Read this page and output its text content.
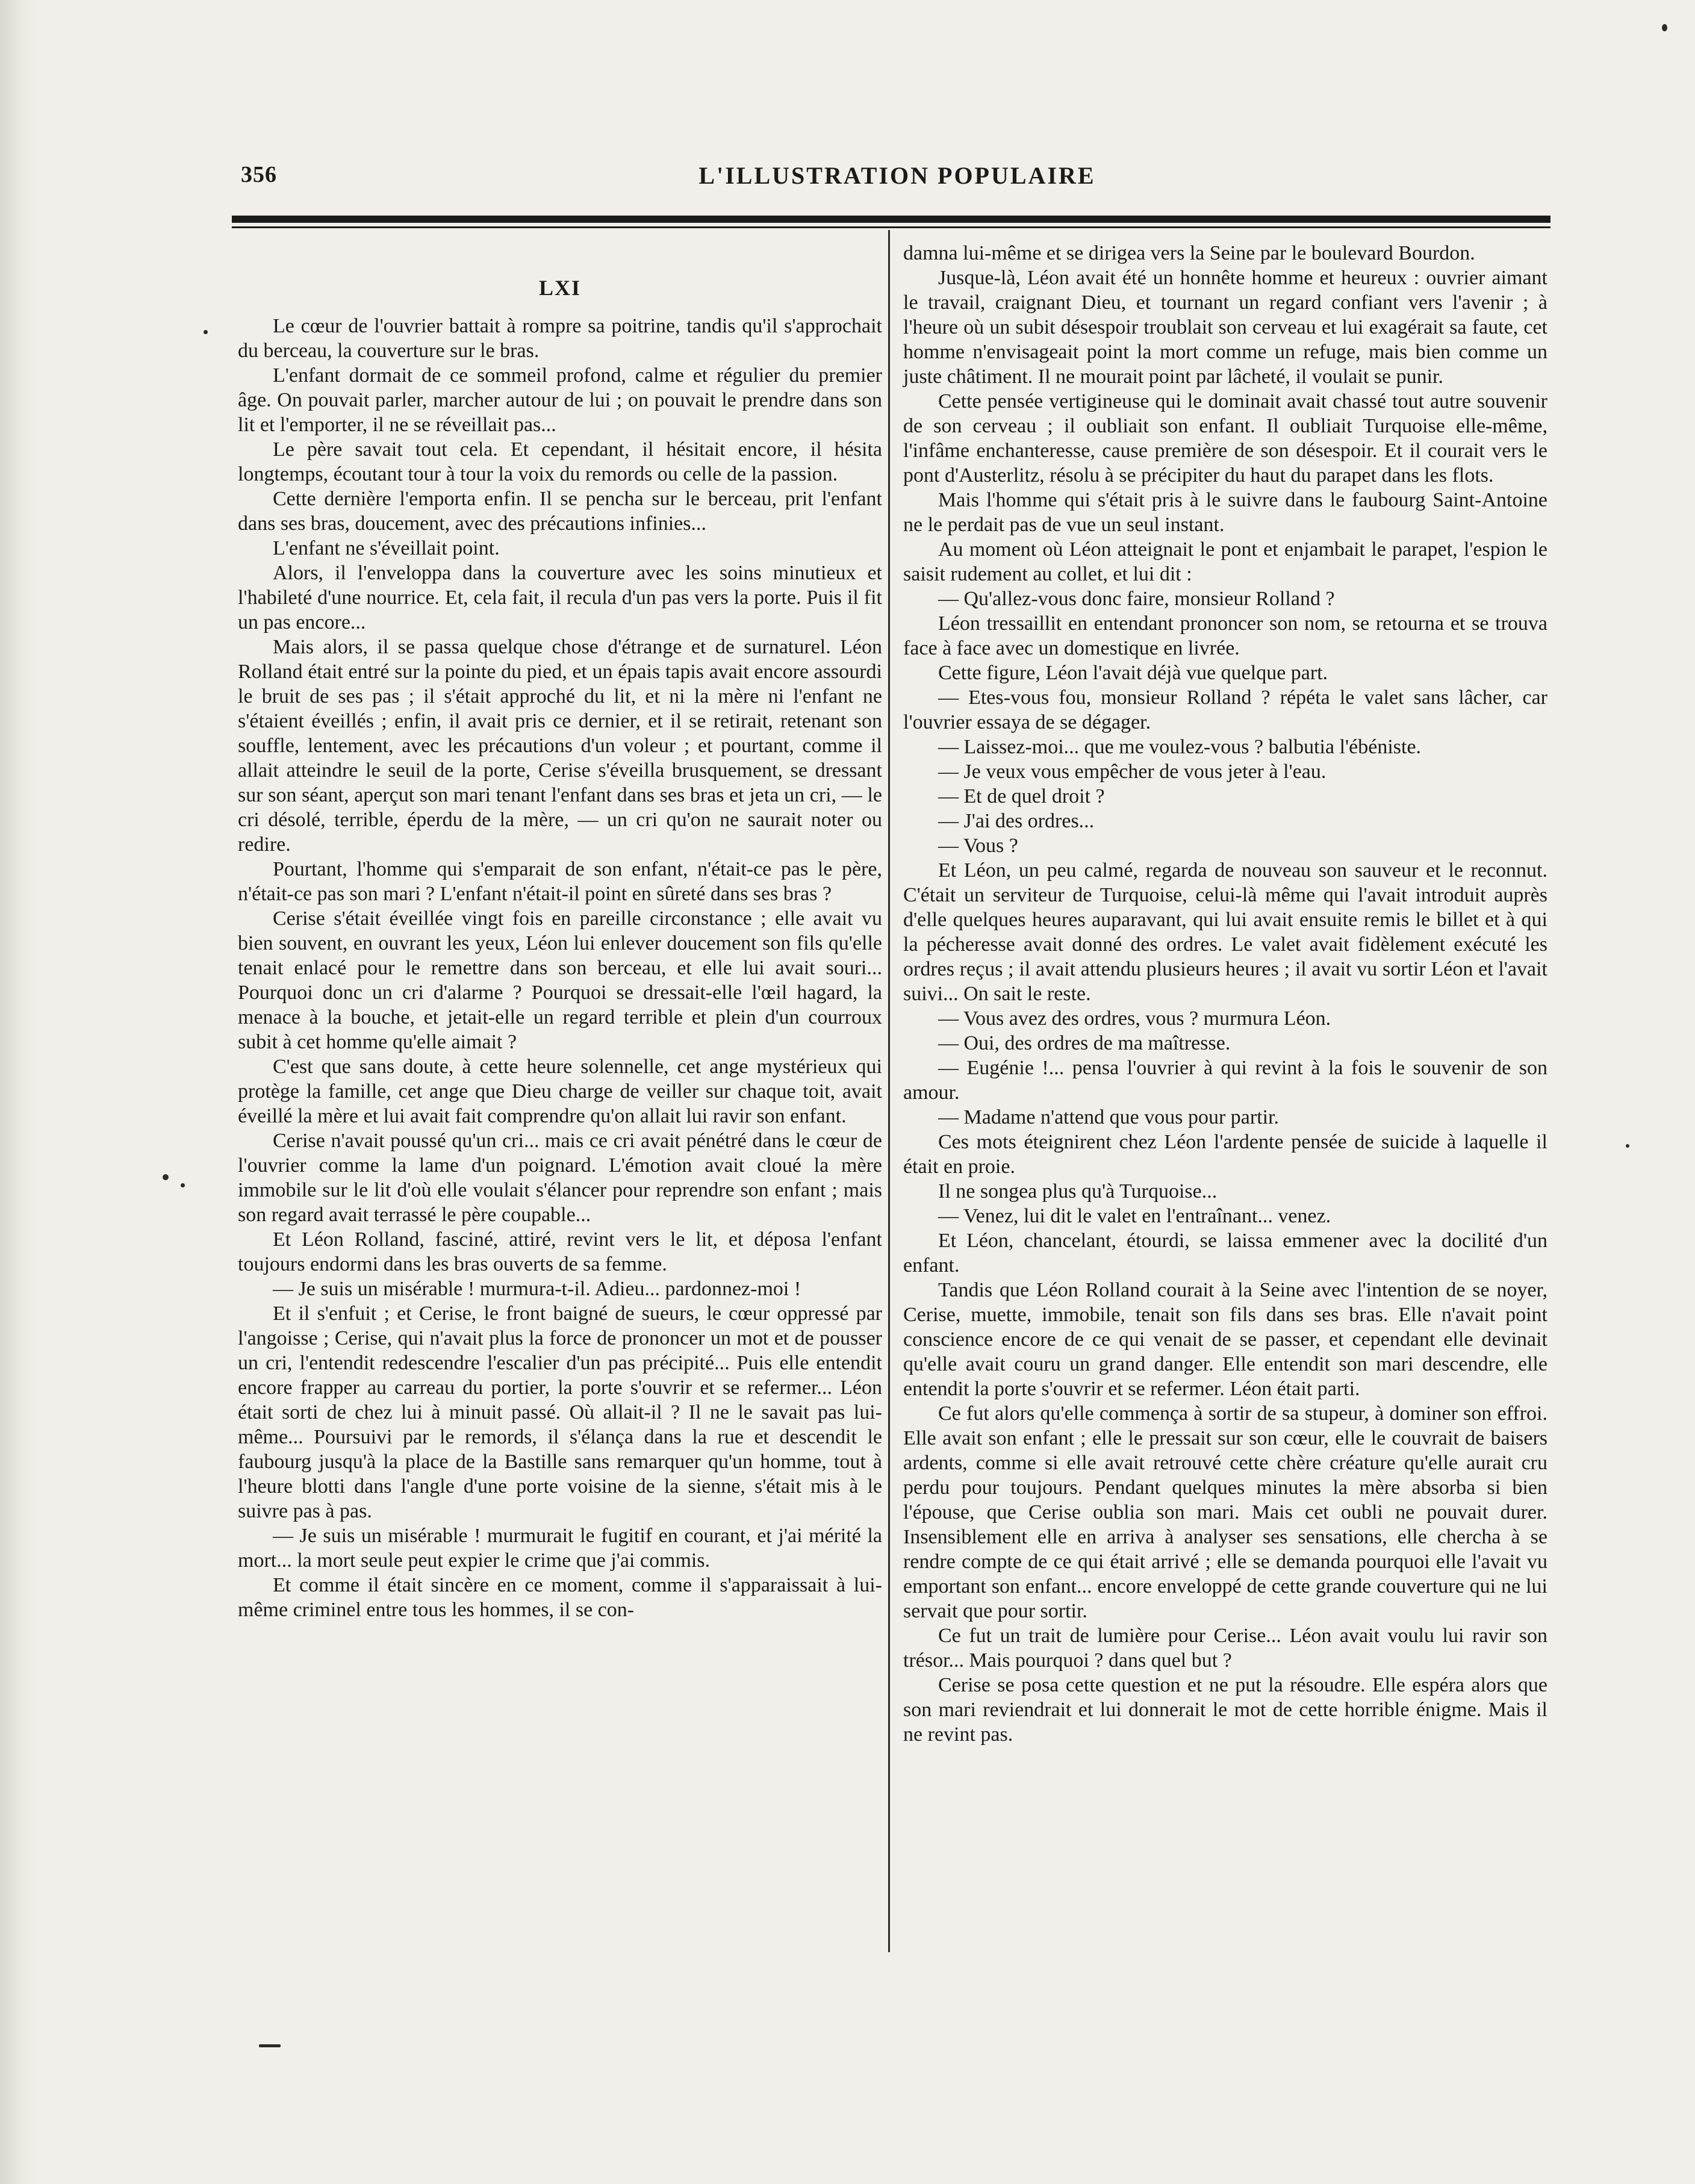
356	L'ILLUSTRATION POPULAIRE
LXI

Le cœur de l'ouvrier battait à rompre sa poitrine, tandis qu'il s'approchait du berceau, la couverture sur le bras.

L'enfant dormait de ce sommeil profond, calme et régulier du premier âge. On pouvait parler, marcher autour de lui ; on pouvait le prendre dans son lit et l'emporter, il ne se réveillait pas...

Le père savait tout cela. Et cependant, il hésitait encore, il hésita longtemps, écoutant tour à tour la voix du remords ou celle de la passion.

Cette dernière l'emporta enfin. Il se pencha sur le berceau, prit l'enfant dans ses bras, doucement, avec des précautions infinies...

L'enfant ne s'éveillait point.

Alors, il l'enveloppa dans la couverture avec les soins minutieux et l'habileté d'une nourrice. Et, cela fait, il recula d'un pas vers la porte. Puis il fit un pas encore...

Mais alors, il se passa quelque chose d'étrange et de surnaturel. Léon Rolland était entré sur la pointe du pied, et un épais tapis avait encore assourdi le bruit de ses pas ; il s'était approché du lit, et ni la mère ni l'enfant ne s'étaient éveillés ; enfin, il avait pris ce dernier, et il se retirait, retenant son souffle, lentement, avec les précautions d'un voleur ; et pourtant, comme il allait atteindre le seuil de la porte, Cerise s'éveilla brusquement, se dressant sur son séant, aperçut son mari tenant l'enfant dans ses bras et jeta un cri, — le cri désolé, terrible, éperdu de la mère, — un cri qu'on ne saurait noter ou redire.

Pourtant, l'homme qui s'emparait de son enfant, n'était-ce pas le père, n'était-ce pas son mari ? L'enfant n'était-il point en sûreté dans ses bras ?

Cerise s'était éveillée vingt fois en pareille circonstance ; elle avait vu bien souvent, en ouvrant les yeux, Léon lui enlever doucement son fils qu'elle tenait enlacé pour le remettre dans son berceau, et elle lui avait souri... Pourquoi donc un cri d'alarme ? Pourquoi se dressait-elle l'œil hagard, la menace à la bouche, et jetait-elle un regard terrible et plein d'un courroux subit à cet homme qu'elle aimait ?

C'est que sans doute, à cette heure solennelle, cet ange mystérieux qui protège la famille, cet ange que Dieu charge de veiller sur chaque toit, avait éveillé la mère et lui avait fait comprendre qu'on allait lui ravir son enfant.

Cerise n'avait poussé qu'un cri... mais ce cri avait pénétré dans le cœur de l'ouvrier comme la lame d'un poignard. L'émotion avait cloué la mère immobile sur le lit d'où elle voulait s'élancer pour reprendre son enfant ; mais son regard avait terrassé le père coupable...

Et Léon Rolland, fasciné, attiré, revint vers le lit, et déposa l'enfant toujours endormi dans les bras ouverts de sa femme.

— Je suis un misérable ! murmura-t-il. Adieu... pardonnez-moi !

Et il s'enfuit ; et Cerise, le front baigné de sueurs, le cœur oppressé par l'angoisse ; Cerise, qui n'avait plus la force de prononcer un mot et de pousser un cri, l'entendit redescendre l'escalier d'un pas précipité... Puis elle entendit encore frapper au carreau du portier, la porte s'ouvrir et se refermer... Léon était sorti de chez lui à minuit passé. Où allait-il ? Il ne le savait pas lui-même... Poursuivi par le remords, il s'élança dans la rue et descendit le faubourg jusqu'à la place de la Bastille sans remarquer qu'un homme, tout à l'heure blotti dans l'angle d'une porte voisine de la sienne, s'était mis à le suivre pas à pas.

— Je suis un misérable ! murmurait le fugitif en courant, et j'ai mérité la mort... la mort seule peut expier le crime que j'ai commis.

Et comme il était sincère en ce moment, comme il s'apparaissait à lui-même criminel entre tous les hommes, il se con-

damna lui-même et se dirigea vers la Seine par le boulevard Bourdon.

Jusque-là, Léon avait été un honnête homme et heureux : ouvrier aimant le travail, craignant Dieu, et tournant un regard confiant vers l'avenir ; à l'heure où un subit désespoir troublait son cerveau et lui exagérait sa faute, cet homme n'envisageait point la mort comme un refuge, mais bien comme un juste châtiment. Il ne mourait point par lâcheté, il voulait se punir.

Cette pensée vertigineuse qui le dominait avait chassé tout autre souvenir de son cerveau ; il oubliait son enfant. Il oubliait Turquoise elle-même, l'infâme enchanteresse, cause première de son désespoir. Et il courait vers le pont d'Austerlitz, résolu à se précipiter du haut du parapet dans les flots.

Mais l'homme qui s'était pris à le suivre dans le faubourg Saint-Antoine ne le perdait pas de vue un seul instant.

Au moment où Léon atteignait le pont et enjambait le parapet, l'espion le saisit rudement au collet, et lui dit :

— Qu'allez-vous donc faire, monsieur Rolland ?

Léon tressaillit en entendant prononcer son nom, se retourna et se trouva face à face avec un domestique en livrée.

Cette figure, Léon l'avait déjà vue quelque part.

— Etes-vous fou, monsieur Rolland ? répéta le valet sans lâcher, car l'ouvrier essaya de se dégager.

— Laissez-moi... que me voulez-vous ? balbutia l'ébéniste.

— Je veux vous empêcher de vous jeter à l'eau.

— Et de quel droit ?

— J'ai des ordres...

— Vous ?

Et Léon, un peu calmé, regarda de nouveau son sauveur et le reconnut. C'était un serviteur de Turquoise, celui-là même qui l'avait introduit auprès d'elle quelques heures auparavant, qui lui avait ensuite remis le billet et à qui la pécheresse avait donné des ordres. Le valet avait fidèlement exécuté les ordres reçus ; il avait attendu plusieurs heures ; il avait vu sortir Léon et l'avait suivi... On sait le reste.

— Vous avez des ordres, vous ? murmura Léon.

— Oui, des ordres de ma maîtresse.

— Eugénie !... pensa l'ouvrier à qui revint à la fois le souvenir de son amour.

— Madame n'attend que vous pour partir.

Ces mots éteignirent chez Léon l'ardente pensée de suicide à laquelle il était en proie.

Il ne songea plus qu'à Turquoise...

— Venez, lui dit le valet en l'entraînant... venez.

Et Léon, chancelant, étourdi, se laissa emmener avec la docilité d'un enfant.

Tandis que Léon Rolland courait à la Seine avec l'intention de se noyer, Cerise, muette, immobile, tenait son fils dans ses bras. Elle n'avait point conscience encore de ce qui venait de se passer, et cependant elle devinait qu'elle avait couru un grand danger. Elle entendit son mari descendre, elle entendit la porte s'ouvrir et se refermer. Léon était parti.

Ce fut alors qu'elle commença à sortir de sa stupeur, à dominer son effroi. Elle avait son enfant ; elle le pressait sur son cœur, elle le couvrait de baisers ardents, comme si elle avait retrouvé cette chère créature qu'elle aurait cru perdu pour toujours. Pendant quelques minutes la mère absorba si bien l'épouse, que Cerise oublia son mari. Mais cet oubli ne pouvait durer. Insensiblement elle en arriva à analyser ses sensations, elle chercha à se rendre compte de ce qui était arrivé ; elle se demanda pourquoi elle l'avait vu emportant son enfant... encore enveloppé de cette grande couverture qui ne lui servait que pour sortir.

Ce fut un trait de lumière pour Cerise... Léon avait voulu lui ravir son trésor... Mais pourquoi ? dans quel but ?

Cerise se posa cette question et ne put la résoudre. Elle espéra alors que son mari reviendrait et lui donnerait le mot de cette horrible énigme. Mais il ne revint pas.
